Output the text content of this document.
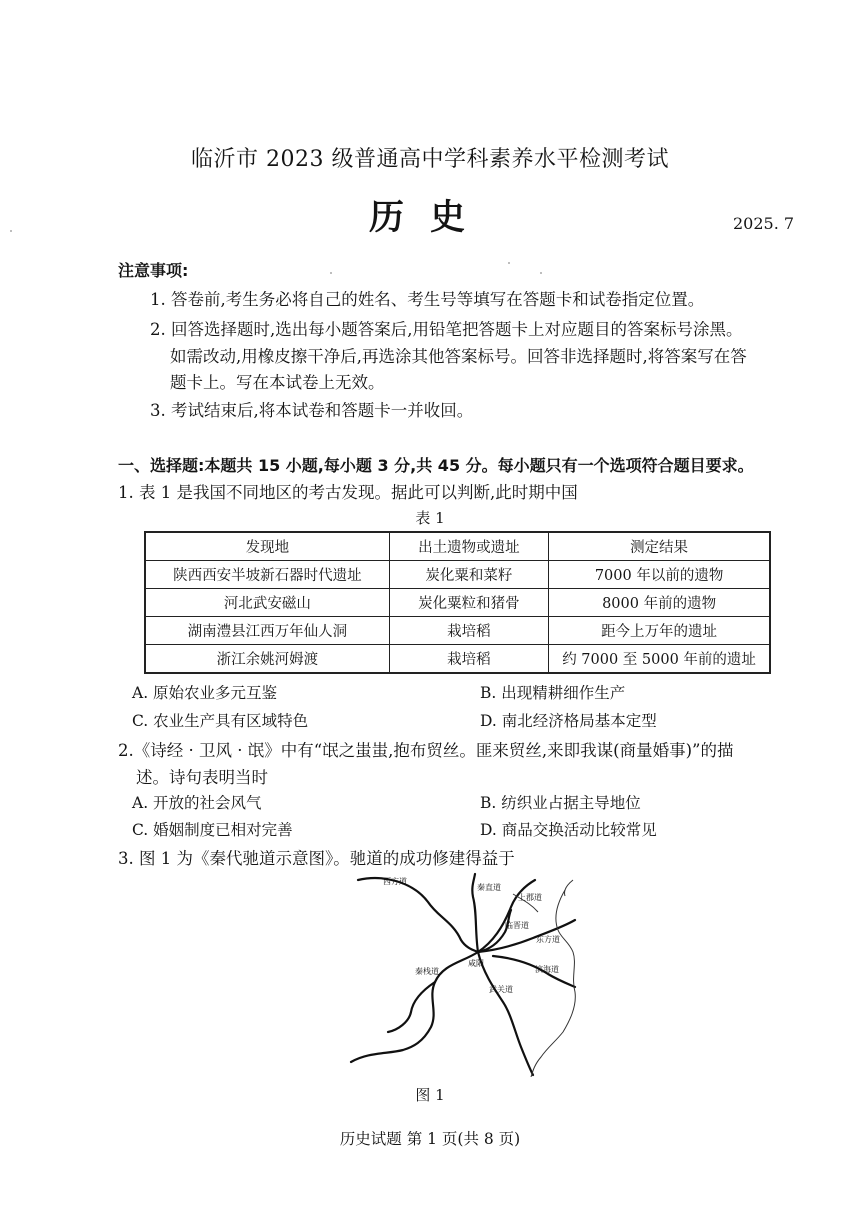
临沂市 2023 级普通高中学科素养水平检测考试
历史	2025. 7
注意事项:
1. 答卷前,考生务必将自己的姓名、考生号等填写在答题卡和试卷指定位置。
2. 回答选择题时,选出每小题答案后,用铅笔把答题卡上对应题目的答案标号涂黑。
如需改动,用橡皮擦干净后,再选涂其他答案标号。回答非选择题时,将答案写在答
题卡上。写在本试卷上无效。
3. 考试结束后,将本试卷和答题卡一并收回。
一、选择题:本题共 15 小题,每小题 3 分,共 45 分。每小题只有一个选项符合题目要求。
1. 表 1 是我国不同地区的考古发现。据此可以判断,此时期中国
表 1
发现地	出土遗物或遗址	测定结果
陕西西安半坡新石器时代遗址	炭化粟和菜籽	7000 年以前的遗物
河北武安磁山	炭化粟粒和猪骨	8000 年前的遗物
湖南澧县江西万年仙人洞	栽培稻	距今上万年的遗址
浙江余姚河姆渡	栽培稻	约 7000 至 5000 年前的遗址
A. 原始农业多元互鉴	B. 出现精耕细作生产
C. 农业生产具有区域特色	D. 南北经济格局基本定型
2.《诗经 · 卫风 · 氓》中有“氓之蚩蚩,抱布贸丝。匪来贸丝,来即我谋(商量婚事)”的描
述。诗句表明当时
A. 开放的社会风气	B. 纺织业占据主导地位
C. 婚姻制度已相对完善	D. 商品交换活动比较常见
3. 图 1 为《秦代驰道示意图》。驰道的成功修建得益于
西方道
秦直道
上郡道
临晋道
东方道
秦栈道
咸阳
滨海道
武关道
图 1
历史试题 第 1 页(共 8 页)
